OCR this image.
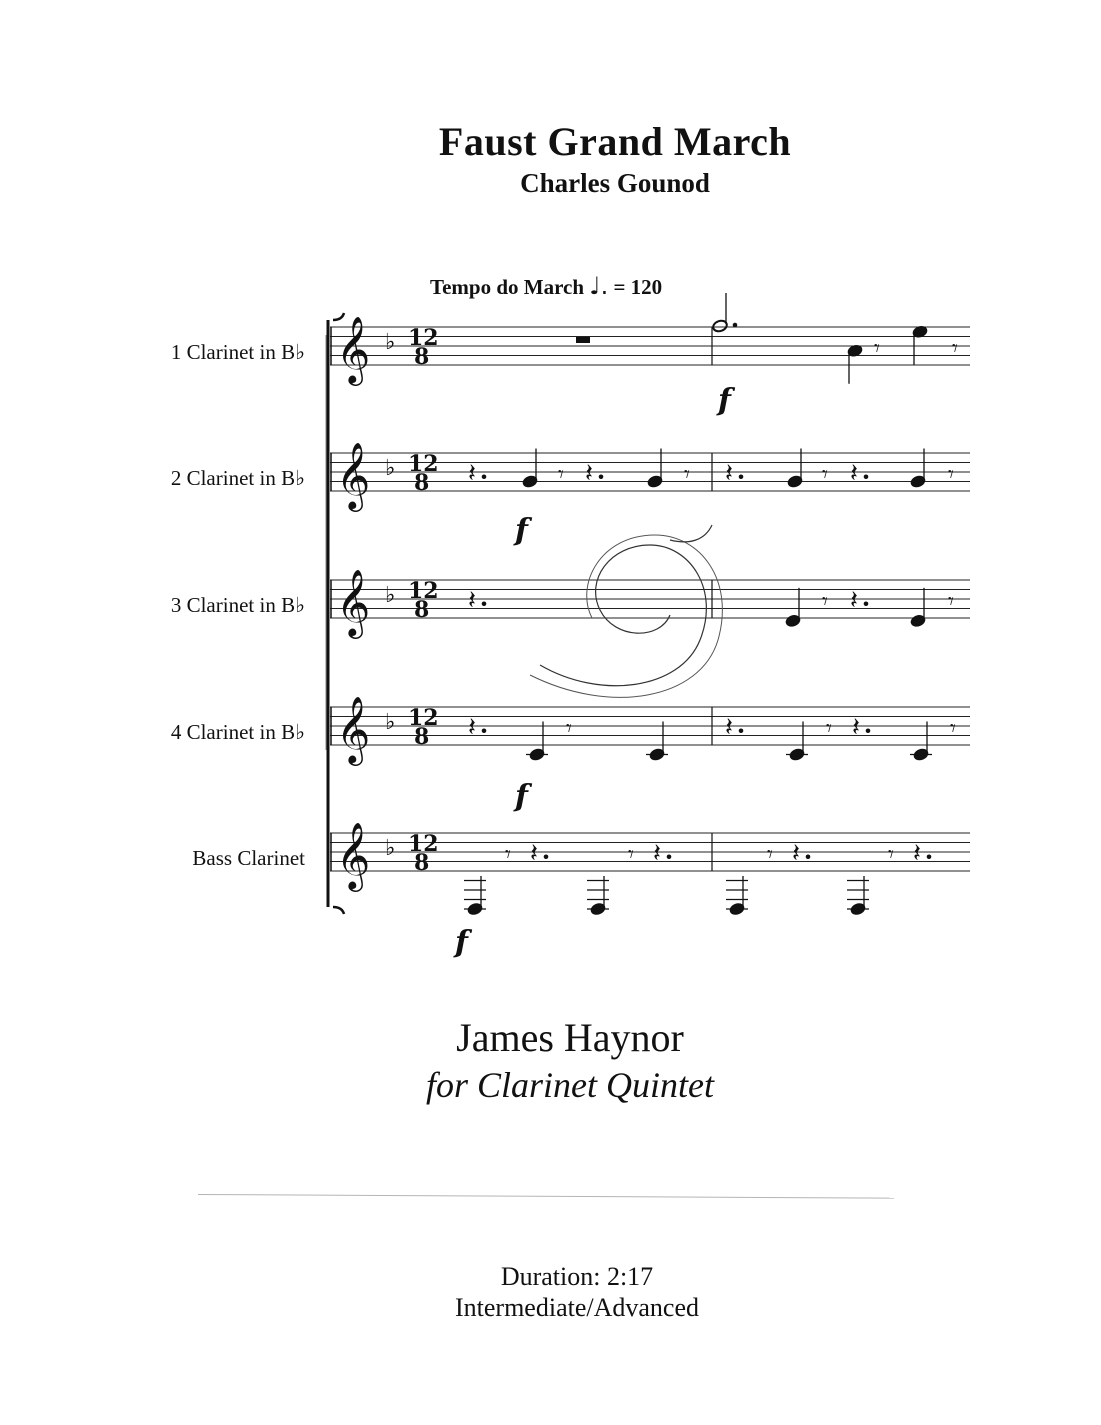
Faust Grand March
Charles Gounod
Tempo do March ♩. = 120
1 Clarinet in B♭
2 Clarinet in B♭
3 Clarinet in B♭
4 Clarinet in B♭
Bass Clarinet
𝄞 ♭ 12
8
𝄞 ♭ 12
8
𝄞 ♭ 12
8
𝄞 ♭ 12
8
𝄞 ♭ 12
8
𝄾	𝄾
f
𝄽	𝄾 𝄽	𝄾 𝄽	𝄾 𝄽	𝄾
f
𝄽	𝄾 𝄽	𝄾
𝄽	𝄾	𝄽	𝄾 𝄽	𝄾
f
𝄾 𝄽	𝄾 𝄽	𝄾 𝄽	𝄾 𝄽
f
James Haynor
for Clarinet Quintet
Duration: 2:17
Intermediate/Advanced
